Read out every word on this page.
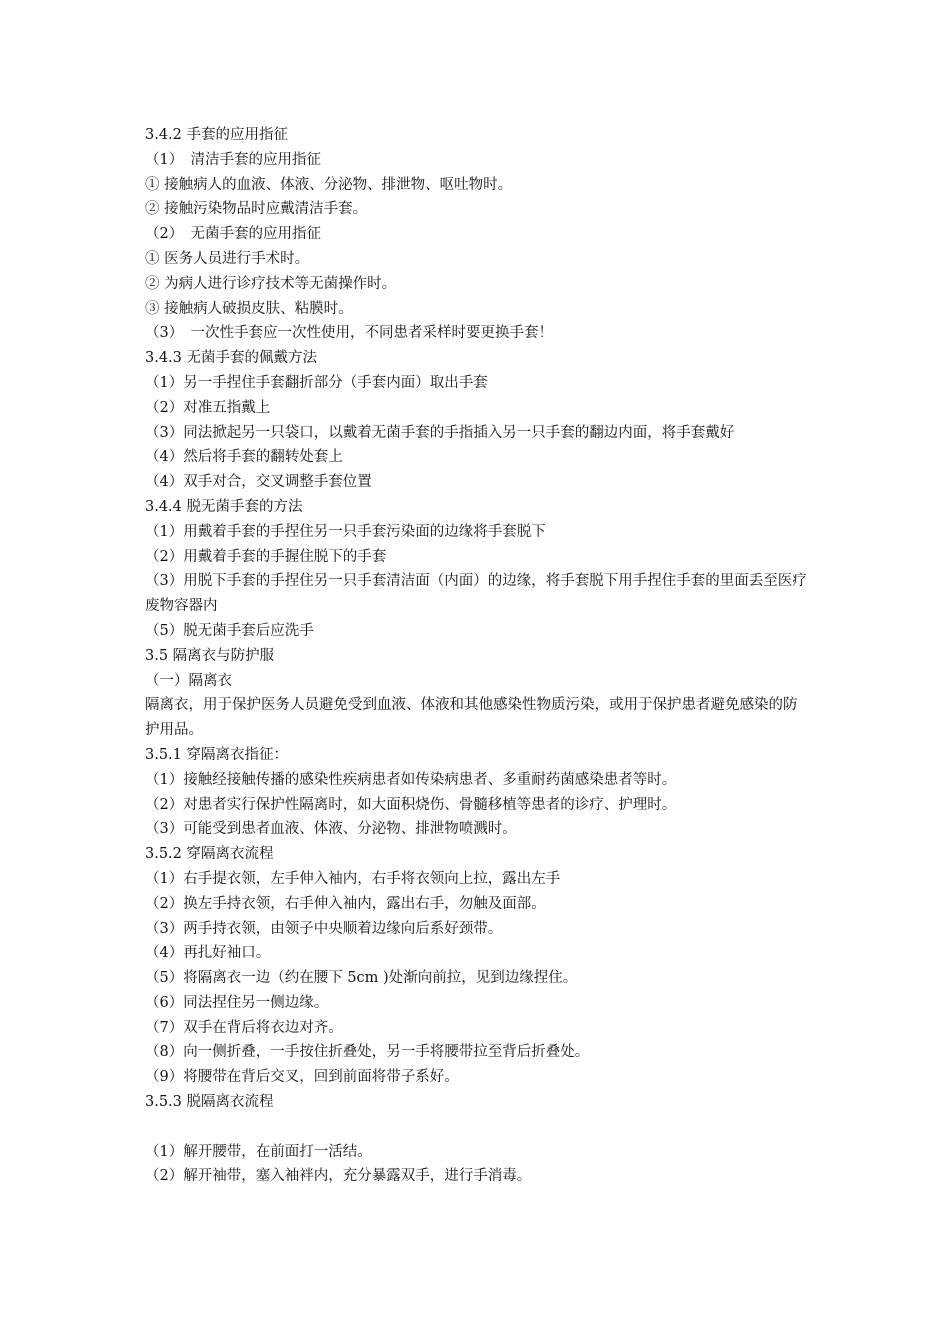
3.4.2 手套的应用指征
（1）　清洁手套的应用指征
① 接触病人的血液、体液、分泌物、排泄物、呕吐物时。
② 接触污染物品时应戴清洁手套。
（2）　无菌手套的应用指征
① 医务人员进行手术时。
② 为病人进行诊疗技术等无菌操作时。
③ 接触病人破损皮肤、粘膜时。
（3）　一次性手套应一次性使用，不同患者采样时要更换手套！
3.4.3 无菌手套的佩戴方法
（1）另一手捏住手套翻折部分（手套内面）取出手套
（2）对准五指戴上
（3）同法掀起另一只袋口，以戴着无菌手套的手指插入另一只手套的翻边内面，将手套戴好
（4）然后将手套的翻转处套上
（4）双手对合，交叉调整手套位置
3.4.4 脱无菌手套的方法
（1）用戴着手套的手捏住另一只手套污染面的边缘将手套脱下
（2）用戴着手套的手握住脱下的手套
（3）用脱下手套的手捏住另一只手套清洁面（内面）的边缘，将手套脱下用手捏住手套的里面丢至医疗废物容器内
（5）脱无菌手套后应洗手
3.5 隔离衣与防护服
（一）隔离衣
隔离衣，用于保护医务人员避免受到血液、体液和其他感染性物质污染，或用于保护患者避免感染的防护用品。
3.5.1 穿隔离衣指征：
（1）接触经接触传播的感染性疾病患者如传染病患者、多重耐药菌感染患者等时。
（2）对患者实行保护性隔离时，如大面积烧伤、骨髓移植等患者的诊疗、护理时。
（3）可能受到患者血液、体液、分泌物、排泄物喷溅时。
3.5.2 穿隔离衣流程
（1）右手提衣领，左手伸入袖内，右手将衣领向上拉，露出左手
（2）换左手持衣领，右手伸入袖内，露出右手，勿触及面部。
（3）两手持衣领，由领子中央顺着边缘向后系好颈带。
（4）再扎好袖口。
（5）将隔离衣一边（约在腰下 5cm )处渐向前拉，见到边缘捏住。
（6）同法捏住另一侧边缘。
（7）双手在背后将衣边对齐。
（8）向一侧折叠，一手按住折叠处，另一手将腰带拉至背后折叠处。
（9）将腰带在背后交叉，回到前面将带子系好。
3.5.3 脱隔离衣流程
（1）解开腰带，在前面打一活结。
（2）解开袖带，塞入袖袢内，充分暴露双手，进行手消毒。
